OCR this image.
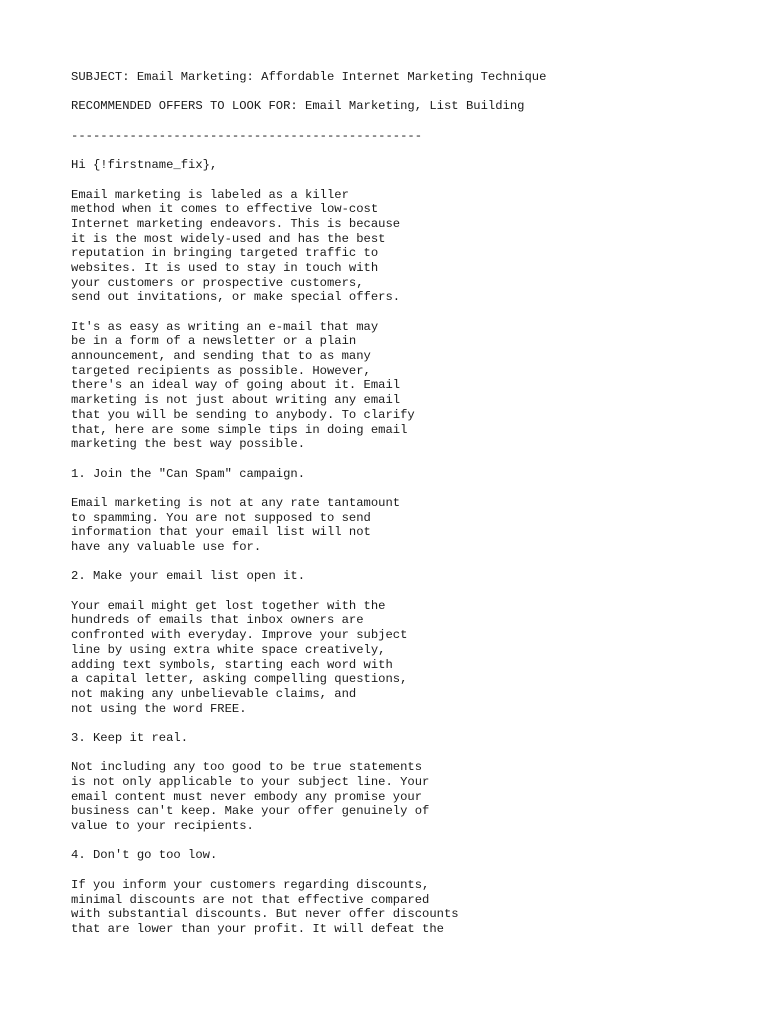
SUBJECT: Email Marketing: Affordable Internet Marketing Technique
RECOMMENDED OFFERS TO LOOK FOR: Email Marketing, List Building
------------------------------------------------
Hi {!firstname_fix},
Email marketing is labeled as a killer
method when it comes to effective low-cost
Internet marketing endeavors. This is because
it is the most widely-used and has the best
reputation in bringing targeted traffic to
websites. It is used to stay in touch with
your customers or prospective customers,
send out invitations, or make special offers.
It's as easy as writing an e-mail that may
be in a form of a newsletter or a plain
announcement, and sending that to as many
targeted recipients as possible. However,
there's an ideal way of going about it. Email
marketing is not just about writing any email
that you will be sending to anybody. To clarify
that, here are some simple tips in doing email
marketing the best way possible.
1. Join the "Can Spam" campaign.
Email marketing is not at any rate tantamount
to spamming. You are not supposed to send
information that your email list will not
have any valuable use for.
2. Make your email list open it.
Your email might get lost together with the
hundreds of emails that inbox owners are
confronted with everyday. Improve your subject
line by using extra white space creatively,
adding text symbols, starting each word with
a capital letter, asking compelling questions,
not making any unbelievable claims, and
not using the word FREE.
3. Keep it real.
Not including any too good to be true statements
is not only applicable to your subject line. Your
email content must never embody any promise your
business can't keep. Make your offer genuinely of
value to your recipients.
4. Don't go too low.
If you inform your customers regarding discounts,
minimal discounts are not that effective compared
with substantial discounts. But never offer discounts
that are lower than your profit. It will defeat the
